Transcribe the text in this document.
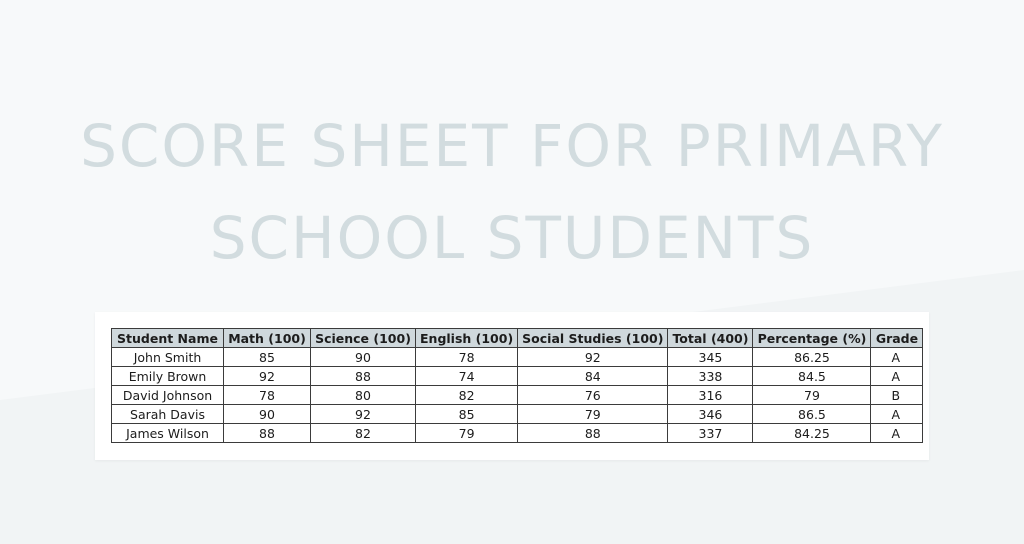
SCORE SHEET FOR PRIMARY
SCHOOL STUDENTS
Student Name	Math (100)	Science (100)	English (100)	Social Studies (100)	Total (400)	Percentage (%)	Grade
John Smith	85	90	78	92	345	86.25	A
Emily Brown	92	88	74	84	338	84.5	A
David Johnson	78	80	82	76	316	79	B
Sarah Davis	90	92	85	79	346	86.5	A
James Wilson	88	82	79	88	337	84.25	A
